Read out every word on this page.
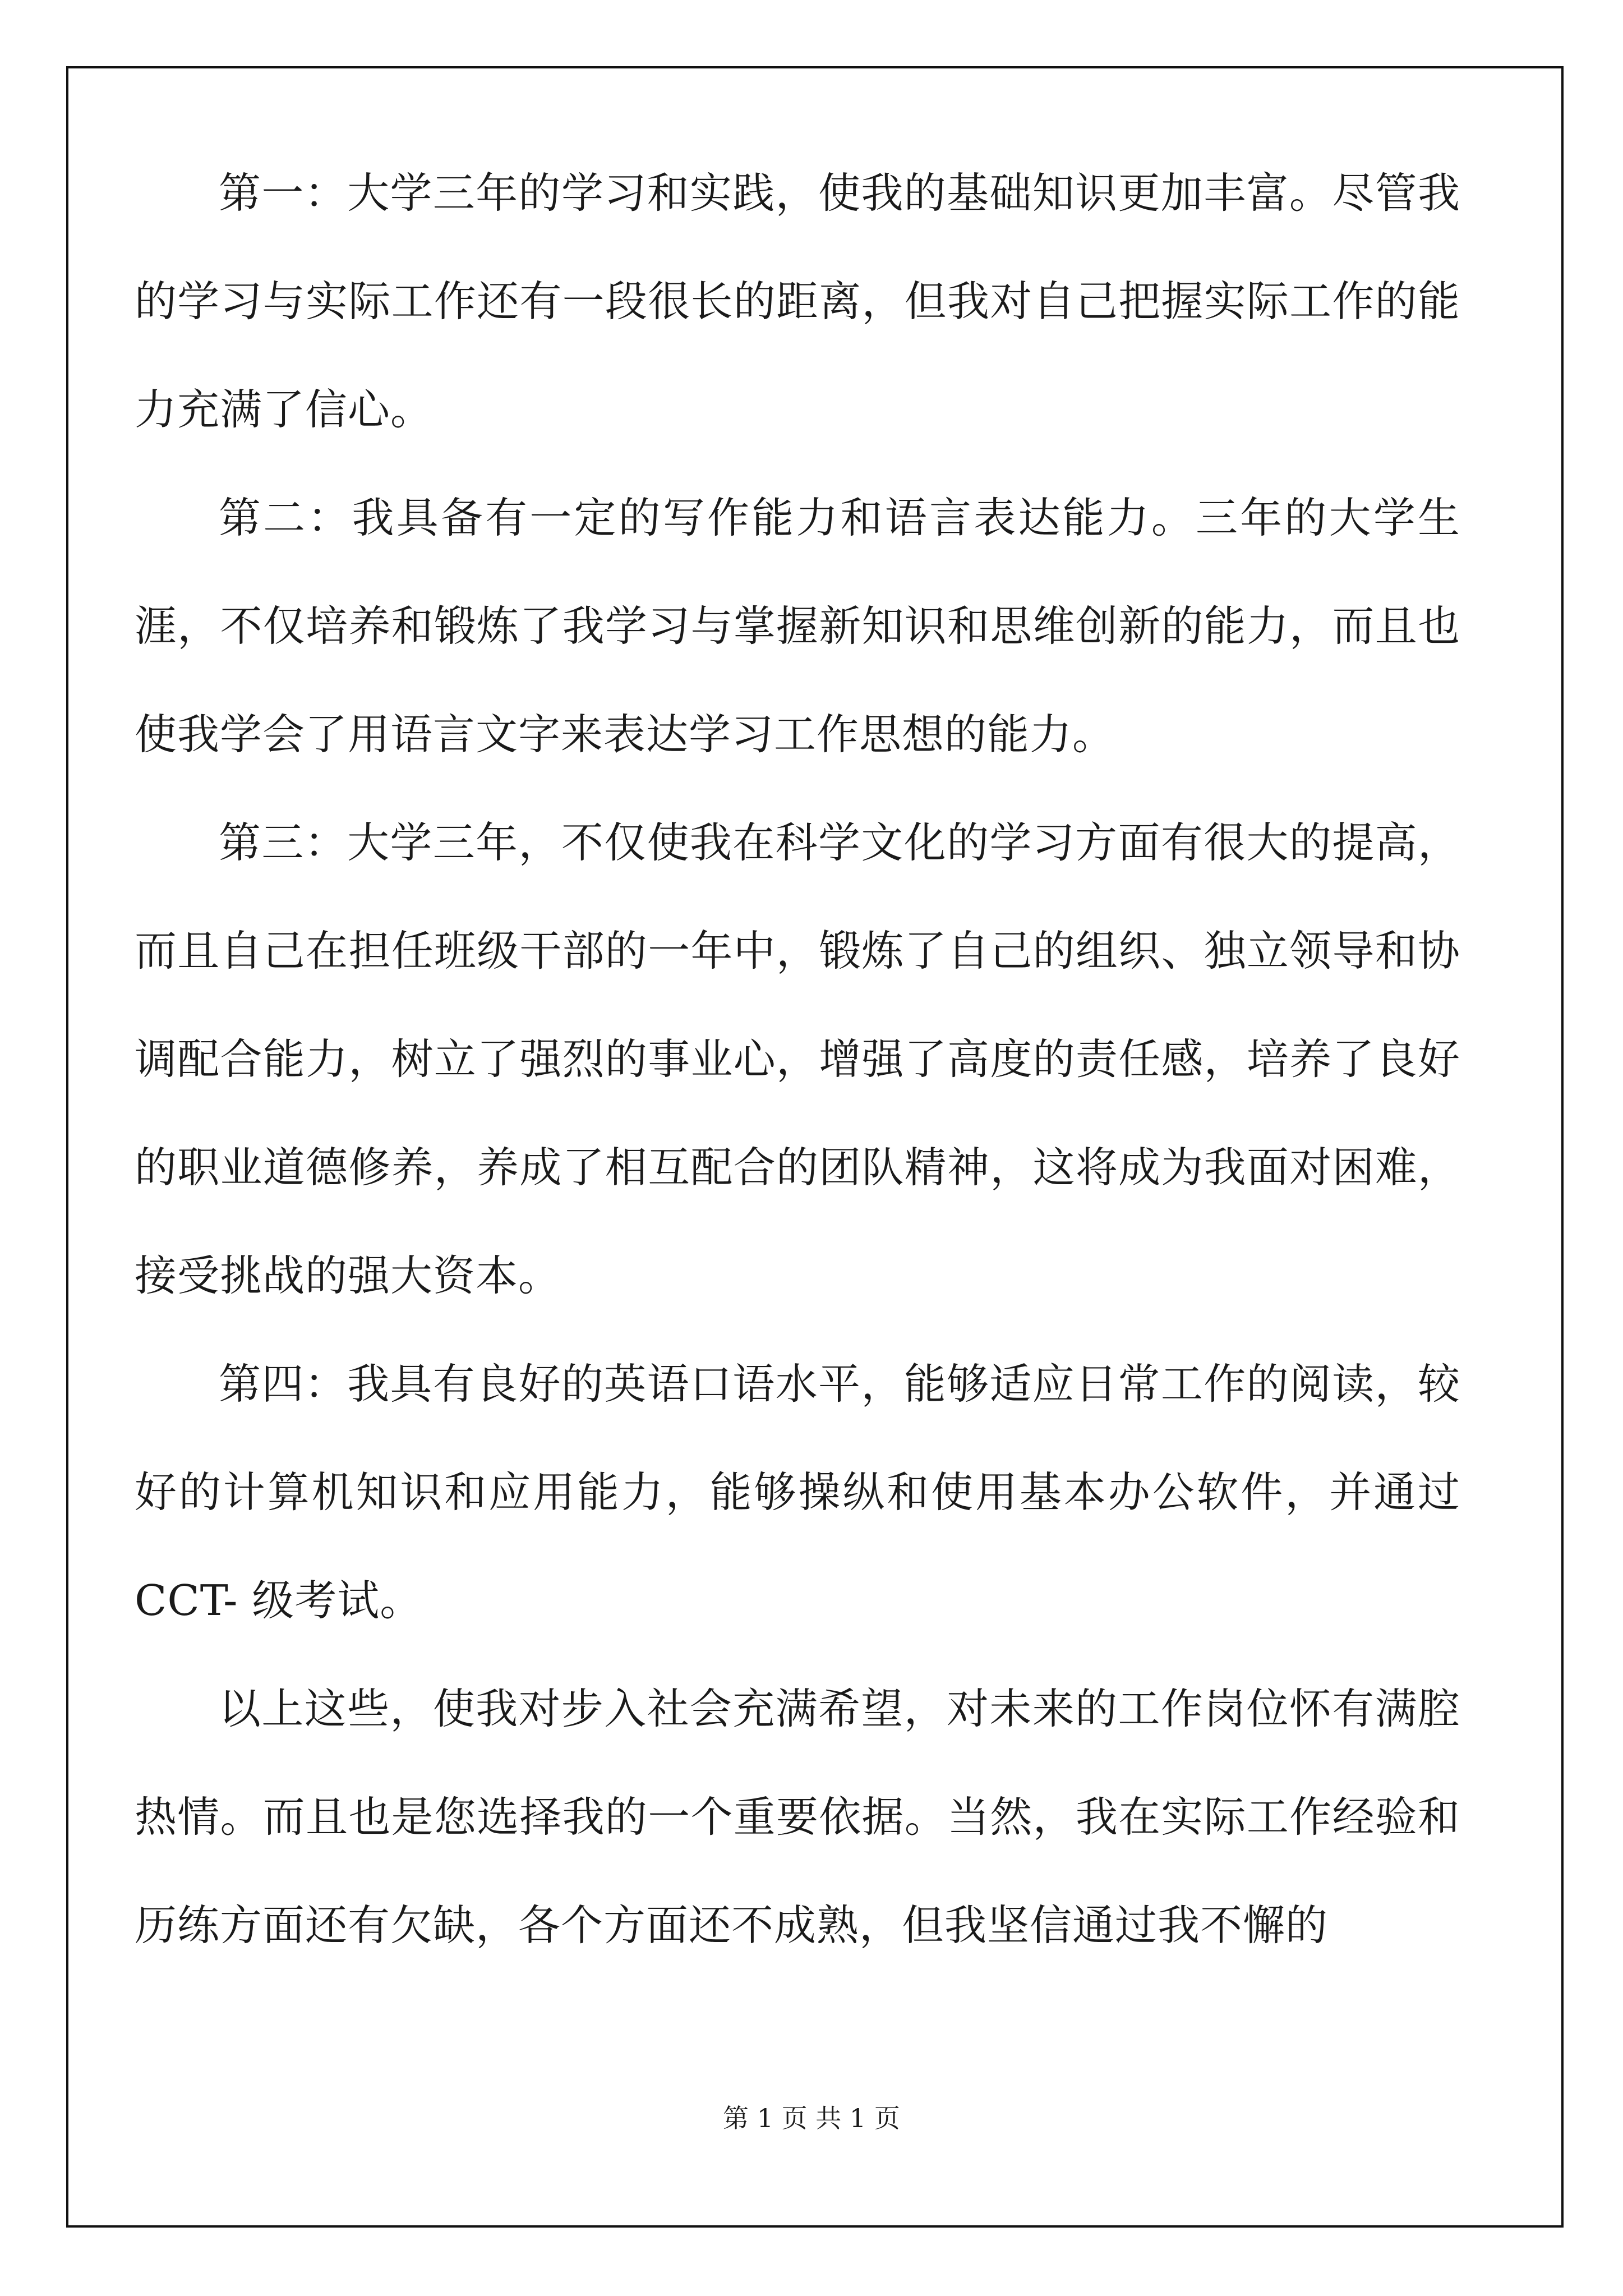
第一：大学三年的学习和实践，使我的基础知识更加丰富。尽管我的学习与实际工作还有一段很长的距离，但我对自己把握实际工作的能力充满了信心。

第二：我具备有一定的写作能力和语言表达能力。三年的大学生涯，不仅培养和锻炼了我学习与掌握新知识和思维创新的能力，而且也使我学会了用语言文字来表达学习工作思想的能力。

第三：大学三年，不仅使我在科学文化的学习方面有很大的提高，而且自己在担任班级干部的一年中，锻炼了自己的组织、独立领导和协调配合能力，树立了强烈的事业心，增强了高度的责任感，培养了良好的职业道德修养，养成了相互配合的团队精神，这将成为我面对困难，接受挑战的强大资本。

第四：我具有良好的英语口语水平，能够适应日常工作的阅读，较好的计算机知识和应用能力，能够操纵和使用基本办公软件，并通过 CCT- 级考试。

以上这些，使我对步入社会充满希望，对未来的工作岗位怀有满腔热情。而且也是您选择我的一个重要依据。当然，我在实际工作经验和历练方面还有欠缺，各个方面还不成熟，但我坚信通过我不懈的

第 1 页 共 1 页
